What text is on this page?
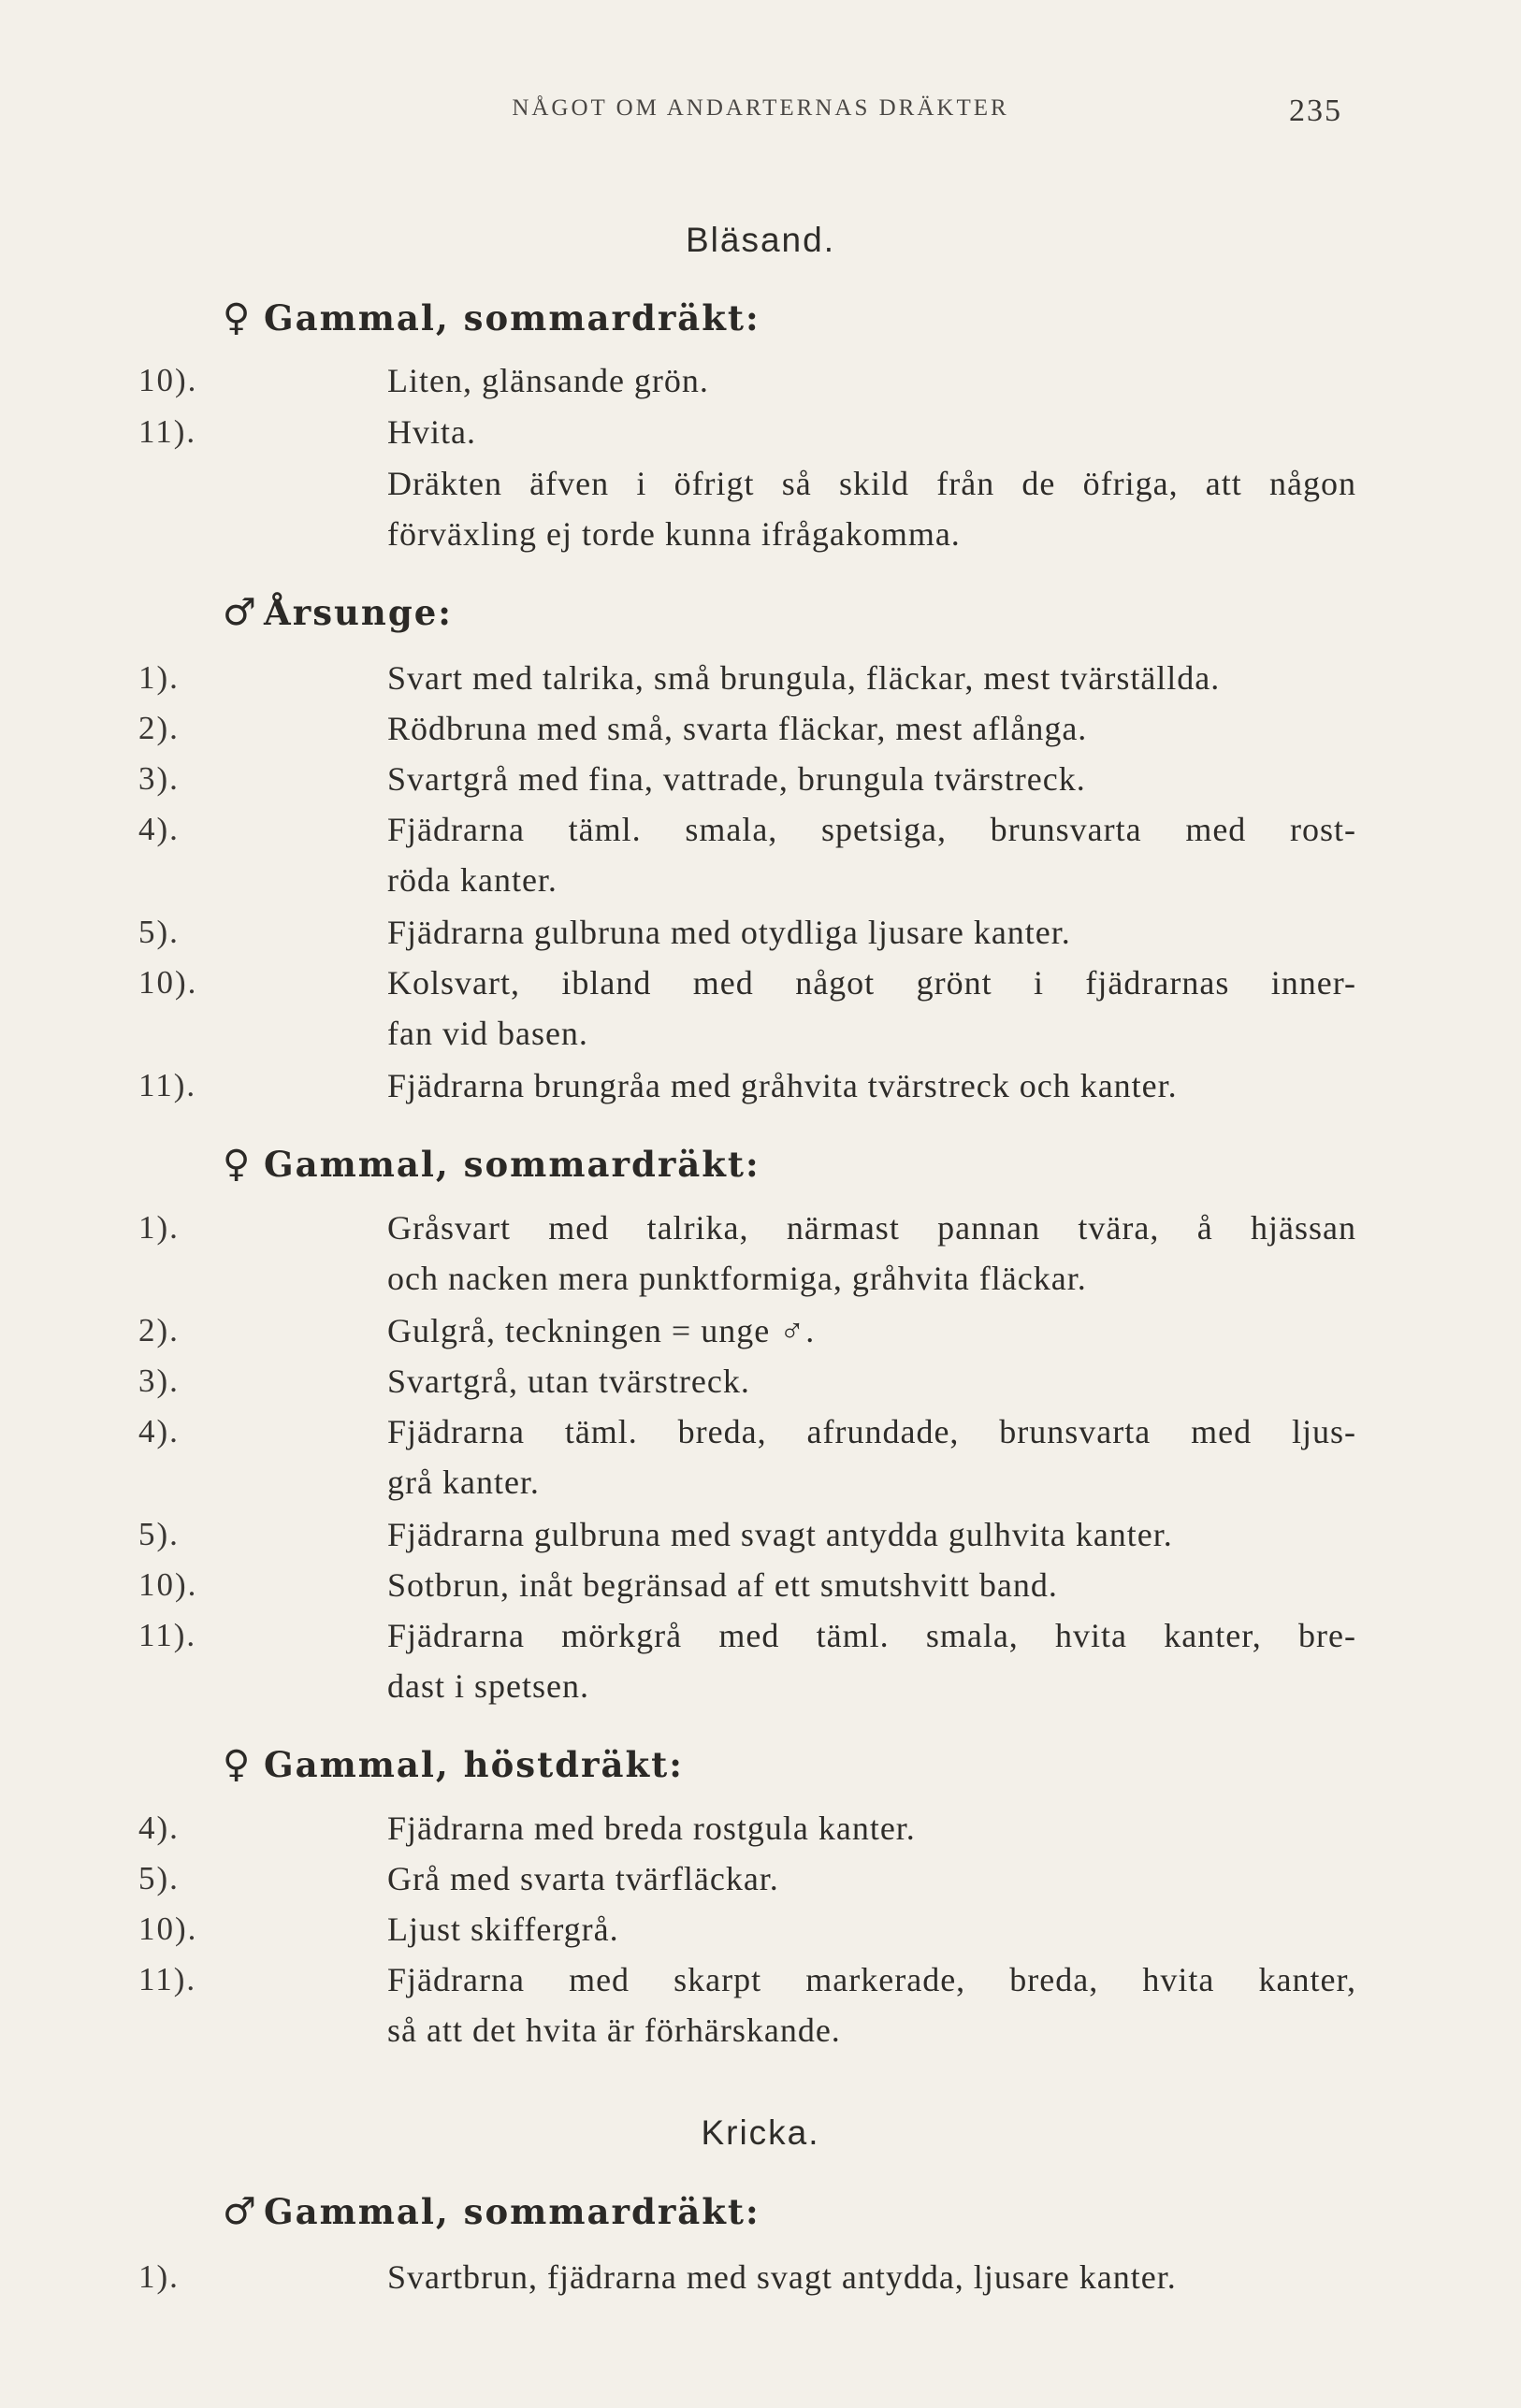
NÅGOT OM ANDARTERNAS DRÄKTER	235
Bläsand.
♀ Gammal, sommardräkt:
10).	Liten, glänsande grön.
11).	Hvita.
Dräkten äfven i öfrigt så skild från de öfriga, att någon
förväxling ej torde kunna ifrågakomma.
♂ Årsunge:
1).	Svart med talrika, små brungula, fläckar, mest tvärställda.
2).	Rödbruna med små, svarta fläckar, mest aflånga.
3).	Svartgrå med fina, vattrade, brungula tvärstreck.
4).	Fjädrarna täml. smala, spetsiga, brunsvarta med rost-
röda kanter.
5).	Fjädrarna gulbruna med otydliga ljusare kanter.
10).	Kolsvart, ibland med något grönt i fjädrarnas inner-
fan vid basen.
11).	Fjädrarna brungråa med gråhvita tvärstreck och kanter.
♀ Gammal, sommardräkt:
1).	Gråsvart med talrika, närmast pannan tvära, å hjässan
och nacken mera punktformiga, gråhvita fläckar.
2).	Gulgrå, teckningen = unge ♂.
3).	Svartgrå, utan tvärstreck.
4).	Fjädrarna täml. breda, afrundade, brunsvarta med ljus-
grå kanter.
5).	Fjädrarna gulbruna med svagt antydda gulhvita kanter.
10).	Sotbrun, inåt begränsad af ett smutshvitt band.
11).	Fjädrarna mörkgrå med täml. smala, hvita kanter, bre-
dast i spetsen.
♀ Gammal, höstdräkt:
4).	Fjädrarna med breda rostgula kanter.
5).	Grå med svarta tvärfläckar.
10).	Ljust skiffergrå.
11).	Fjädrarna med skarpt markerade, breda, hvita kanter,
så att det hvita är förhärskande.
Kricka.
♂ Gammal, sommardräkt:
1).	Svartbrun, fjädrarna med svagt antydda, ljusare kanter.
